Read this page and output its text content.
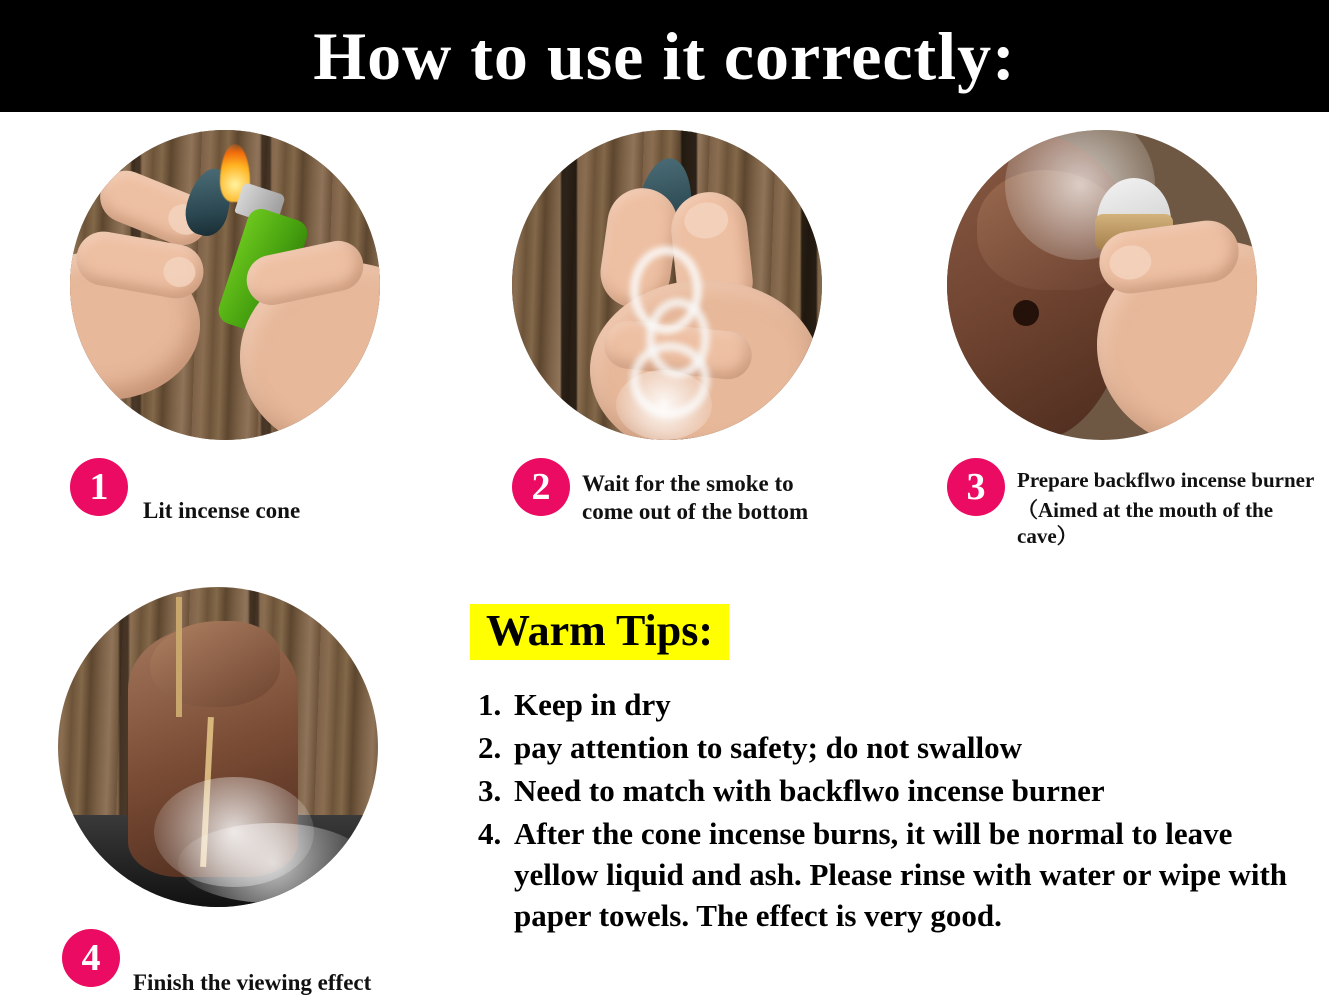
How to use it correctly:
1
Lit incense cone
2	Wait for the smoke to
come out of the bottom
3	Prepare backflwo incense burner
（Aimed at the mouth of the cave）
4
Finish the viewing effect
Warm Tips:
1. Keep in dry
2. pay attention to safety; do not swallow
3. Need to match with backflwo incense burner
4. After the cone incense burns, it will be normal to leave yellow liquid and ash. Please rinse with water or wipe with paper towels. The effect is very good.
